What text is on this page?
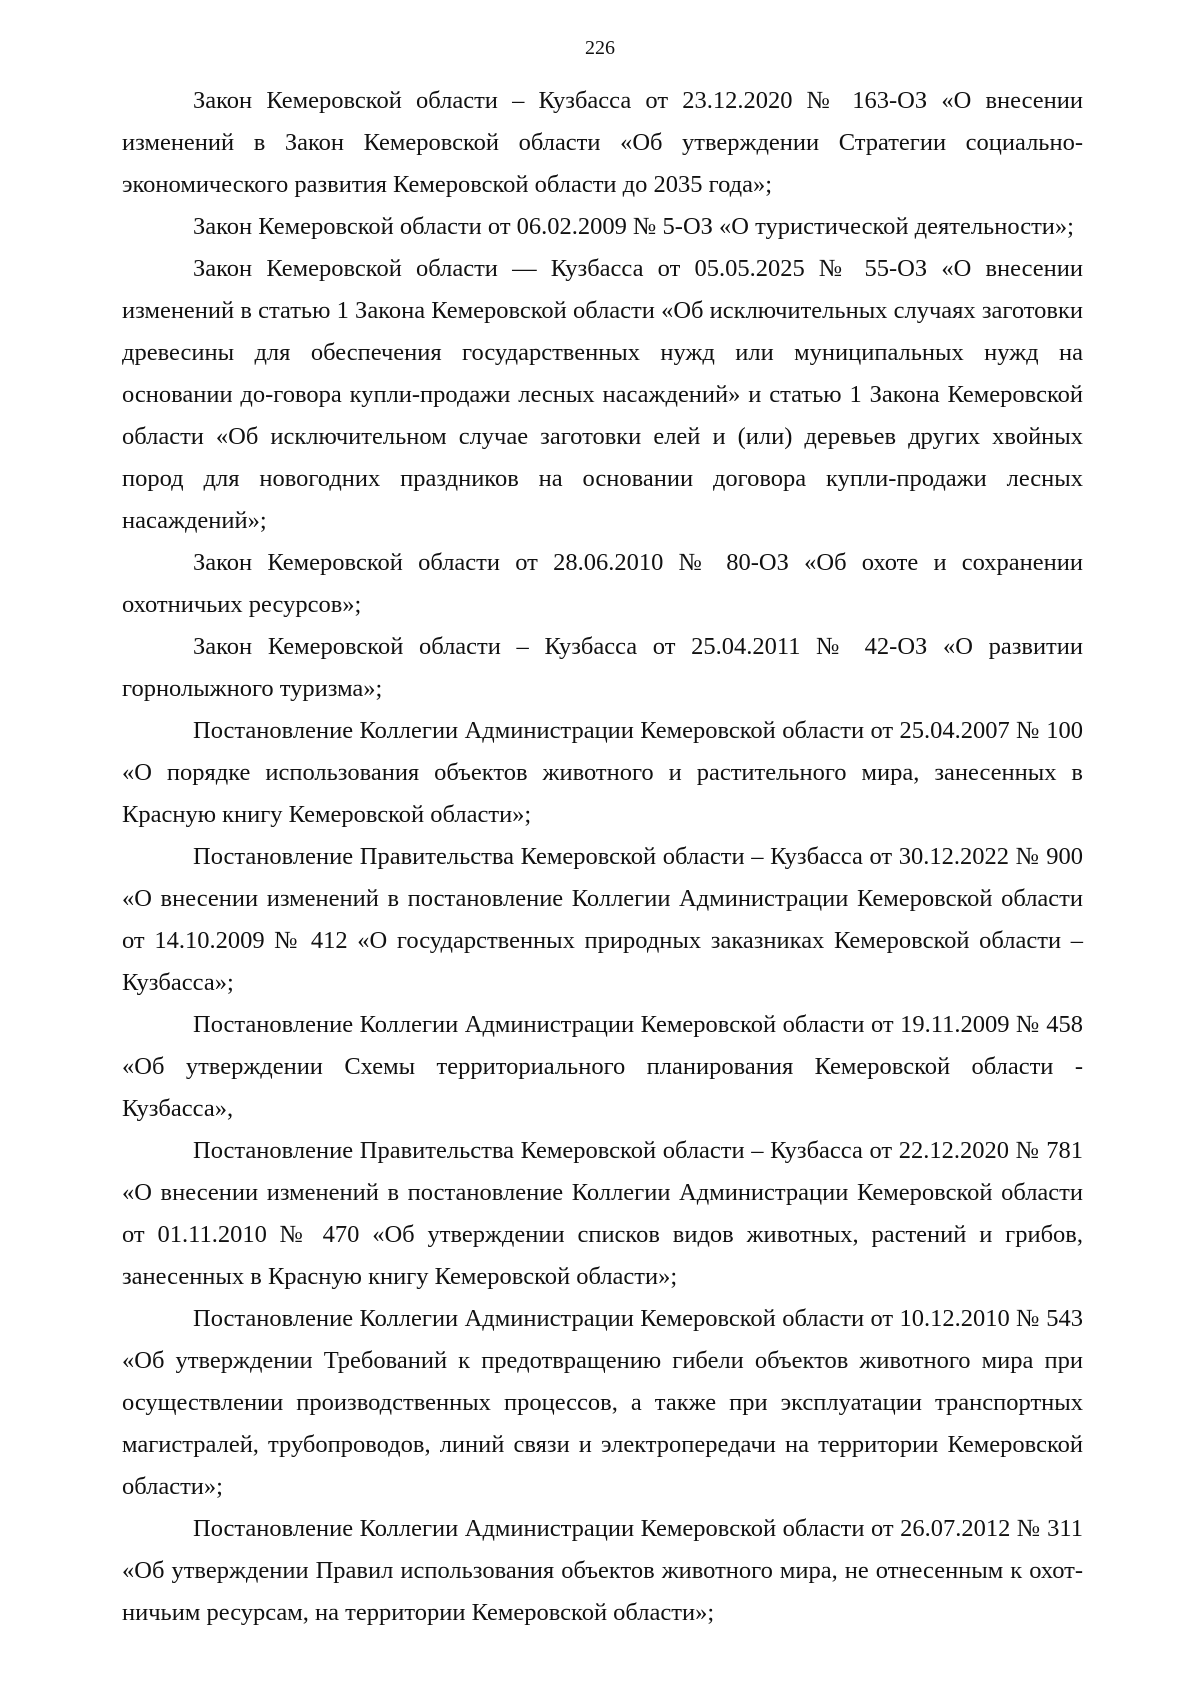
226

Закон Кемеровской области – Кузбасса от 23.12.2020 № 163-ОЗ «О внесении изменений в Закон Кемеровской области «Об утверждении Стратегии социально-экономического развития Кемеровской области до 2035 года»;

Закон Кемеровской области от 06.02.2009 № 5-ОЗ «О туристической деятельности»;

Закон Кемеровской области — Кузбасса от 05.05.2025 № 55-ОЗ «О внесении изменений в статью 1 Закона Кемеровской области «Об исключительных случаях заготовки древесины для обеспечения государственных нужд или муниципальных нужд на основании до-говора купли-продажи лесных насаждений» и статью 1 Закона Кемеровской области «Об исключительном случае заготовки елей и (или) деревьев других хвойных пород для новогодних праздников на основании договора купли-продажи лесных насаждений»;

Закон Кемеровской области от 28.06.2010 № 80-ОЗ «Об охоте и сохранении охотничьих ресурсов»;

Закон Кемеровской области – Кузбасса от 25.04.2011 № 42-ОЗ «О развитии горнолыжного туризма»;

Постановление Коллегии Администрации Кемеровской области от 25.04.2007 № 100 «О порядке использования объектов животного и растительного мира, занесенных в Красную книгу Кемеровской области»;

Постановление Правительства Кемеровской области – Кузбасса от 30.12.2022 № 900 «О внесении изменений в постановление Коллегии Администрации Кемеровской области от 14.10.2009 № 412 «О государственных природных заказниках Кемеровской области – Кузбасса»;

Постановление Коллегии Администрации Кемеровской области от 19.11.2009 № 458 «Об утверждении Схемы территориального планирования Кемеровской области - Кузбасса»,

Постановление Правительства Кемеровской области – Кузбасса от 22.12.2020 № 781 «О внесении изменений в постановление Коллегии Администрации Кемеровской области от 01.11.2010 № 470 «Об утверждении списков видов животных, растений и грибов, занесенных в Красную книгу Кемеровской области»;

Постановление Коллегии Администрации Кемеровской области от 10.12.2010 № 543 «Об утверждении Требований к предотвращению гибели объектов животного мира при осуществлении производственных процессов, а также при эксплуатации транспортных магистралей, трубопроводов, линий связи и электропередачи на территории Кемеровской области»;

Постановление Коллегии Администрации Кемеровской области от 26.07.2012 № 311 «Об утверждении Правил использования объектов животного мира, не отнесенным к охот-ничьим ресурсам, на территории Кемеровской области»;
